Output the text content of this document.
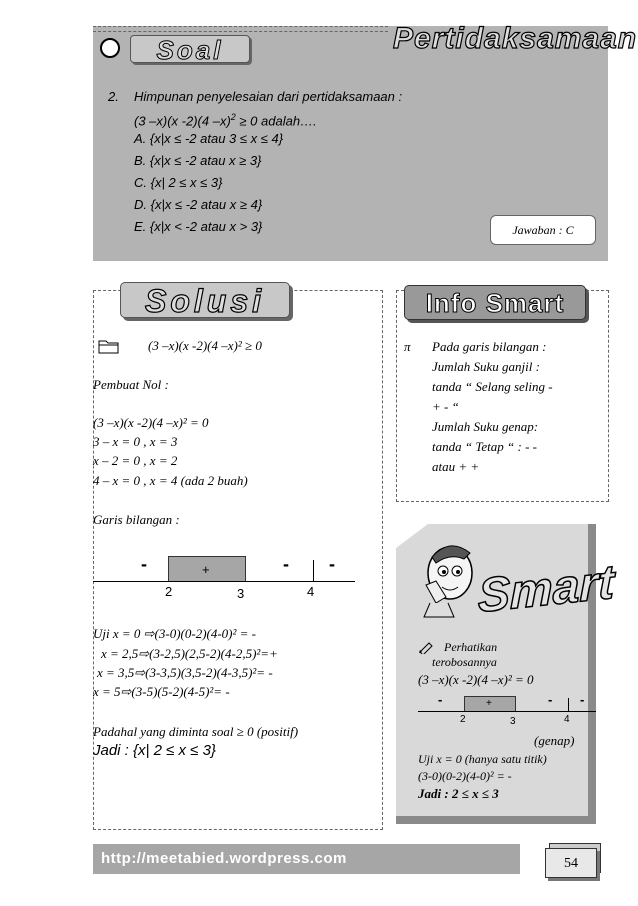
Soal	Pertidaksamaan
2. Himpunan penyelesaian dari pertidaksamaan :
(3 –x)(x -2)(4 –x)$^2$ ≥ 0 adalah….
A. {x|x ≤ -2 atau 3 ≤ x ≤ 4}
B. {x|x ≤ -2 atau x ≥ 3}
C. {x| 2 ≤ x ≤ 3}
D. {x|x ≤ -2 atau x ≥ 4}
E. {x|x < -2 atau x > 3}	Jawaban : C
Solusi
(3 –x)(x -2)(4 –x)² ≥ 0
Pembuat Nol :
(3 –x)(x -2)(4 –x)² = 0
3 – x = 0 , x = 3
x – 2 = 0 , x = 2
4 – x = 0 , x = 4 (ada 2 buah)
Garis bilangan :
-	+	- -
2	3	4
Uji x = 0 ⇨(3-0)(0-2)(4-0)² = -
x = 2,5⇨(3-2,5)(2,5-2)(4-2,5)²=+
x = 3,5⇨(3-3,5)(3,5-2)(4-3,5)²= -
x = 5⇨(3-5)(5-2)(4-5)²= -
Padahal yang diminta soal ≥ 0 (positif)
Jadi : {x| 2 ≤ x ≤ 3}
Info Smart
π Pada garis bilangan :
Jumlah Suku ganjil :
tanda “ Selang seling -
+ - “
Jumlah Suku genap:
tanda “ Tetap “ : - -
atau + +
Smart
Perhatikan
terobosannya
(3 –x)(x -2)(4 –x)² = 0
-	+	- -
2	3	4
(genap)
Uji x = 0 (hanya satu titik)
(3-0)(0-2)(4-0)² = -
Jadi : 2 ≤ x ≤ 3
http://meetabied.wordpress.com	54
